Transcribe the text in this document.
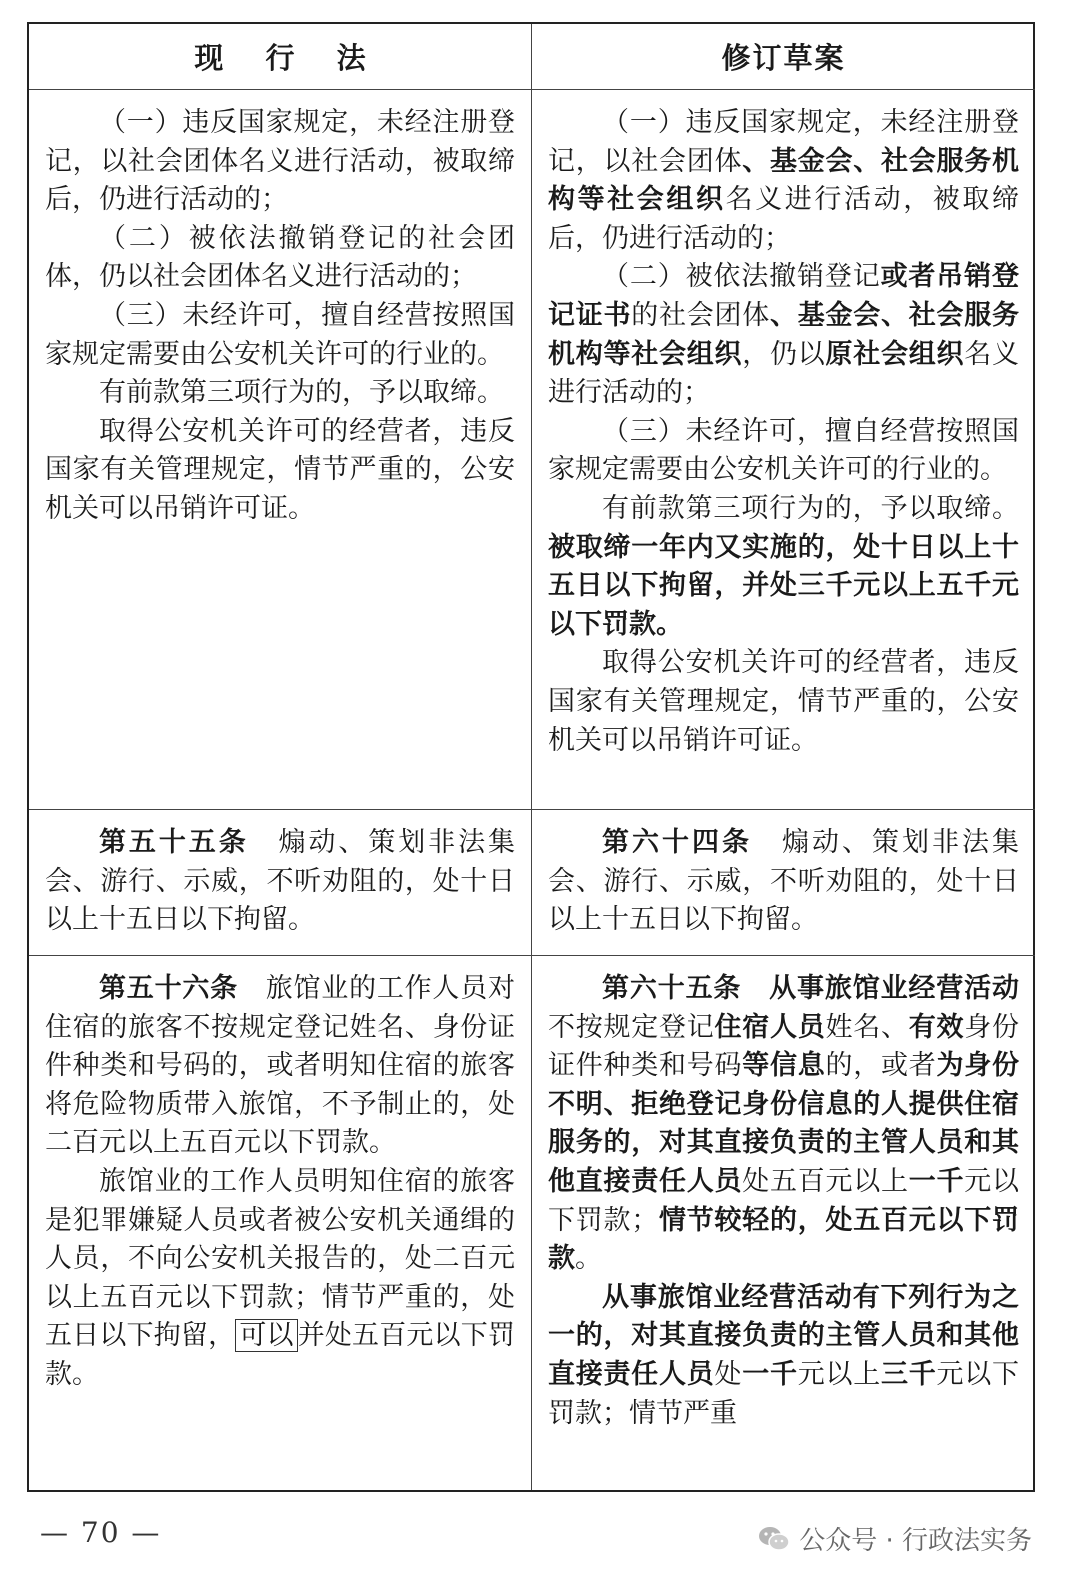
现 行 法	修订草案

（一）违反国家规定，未经注册登记，以社会团体名义进行活动，被取缔后，仍进行活动的；

（二）被依法撤销登记的社会团体，仍以社会团体名义进行活动的；

（三）未经许可，擅自经营按照国家规定需要由公安机关许可的行业的。

有前款第三项行为的，予以取缔。

取得公安机关许可的经营者，违反国家有关管理规定，情节严重的，公安机关可以吊销许可证。

（一）违反国家规定，未经注册登记，以社会团体、基金会、社会服务机构等社会组织名义进行活动，被取缔后，仍进行活动的；

（二）被依法撤销登记或者吊销登记证书的社会团体、基金会、社会服务机构等社会组织，仍以原社会组织名义进行活动的；

（三）未经许可，擅自经营按照国家规定需要由公安机关许可的行业的。

有前款第三项行为的，予以取缔。被取缔一年内又实施的，处十日以上十五日以下拘留，并处三千元以上五千元以下罚款。

取得公安机关许可的经营者，违反国家有关管理规定，情节严重的，公安机关可以吊销许可证。

第五十五条　煽动、策划非法集会、游行、示威，不听劝阻的，处十日以上十五日以下拘留。

第六十四条　煽动、策划非法集会、游行、示威，不听劝阻的，处十日以上十五日以下拘留。

第五十六条　旅馆业的工作人员对住宿的旅客不按规定登记姓名、身份证件种类和号码的，或者明知住宿的旅客将危险物质带入旅馆，不予制止的，处二百元以上五百元以下罚款。

旅馆业的工作人员明知住宿的旅客是犯罪嫌疑人员或者被公安机关通缉的人员，不向公安机关报告的，处二百元以上五百元以下罚款；情节严重的，处五日以下拘留， 可以 并处五百元以下罚款。

第六十五条　从事旅馆业经营活动不按规定登记住宿人员姓名、有效身份证件种类和号码等信息的，或者为身份不明、拒绝登记身份信息的人提供住宿服务的，对其直接负责的主管人员和其他直接责任人员处五百元以上一千元以下罚款；情节较轻的，处五百元以下罚款。

从事旅馆业经营活动有下列行为之一的，对其直接负责的主管人员和其他直接责任人员处一千元以上三千元以下罚款；情节严重

— 70 —	公众号 · 行政法实务
